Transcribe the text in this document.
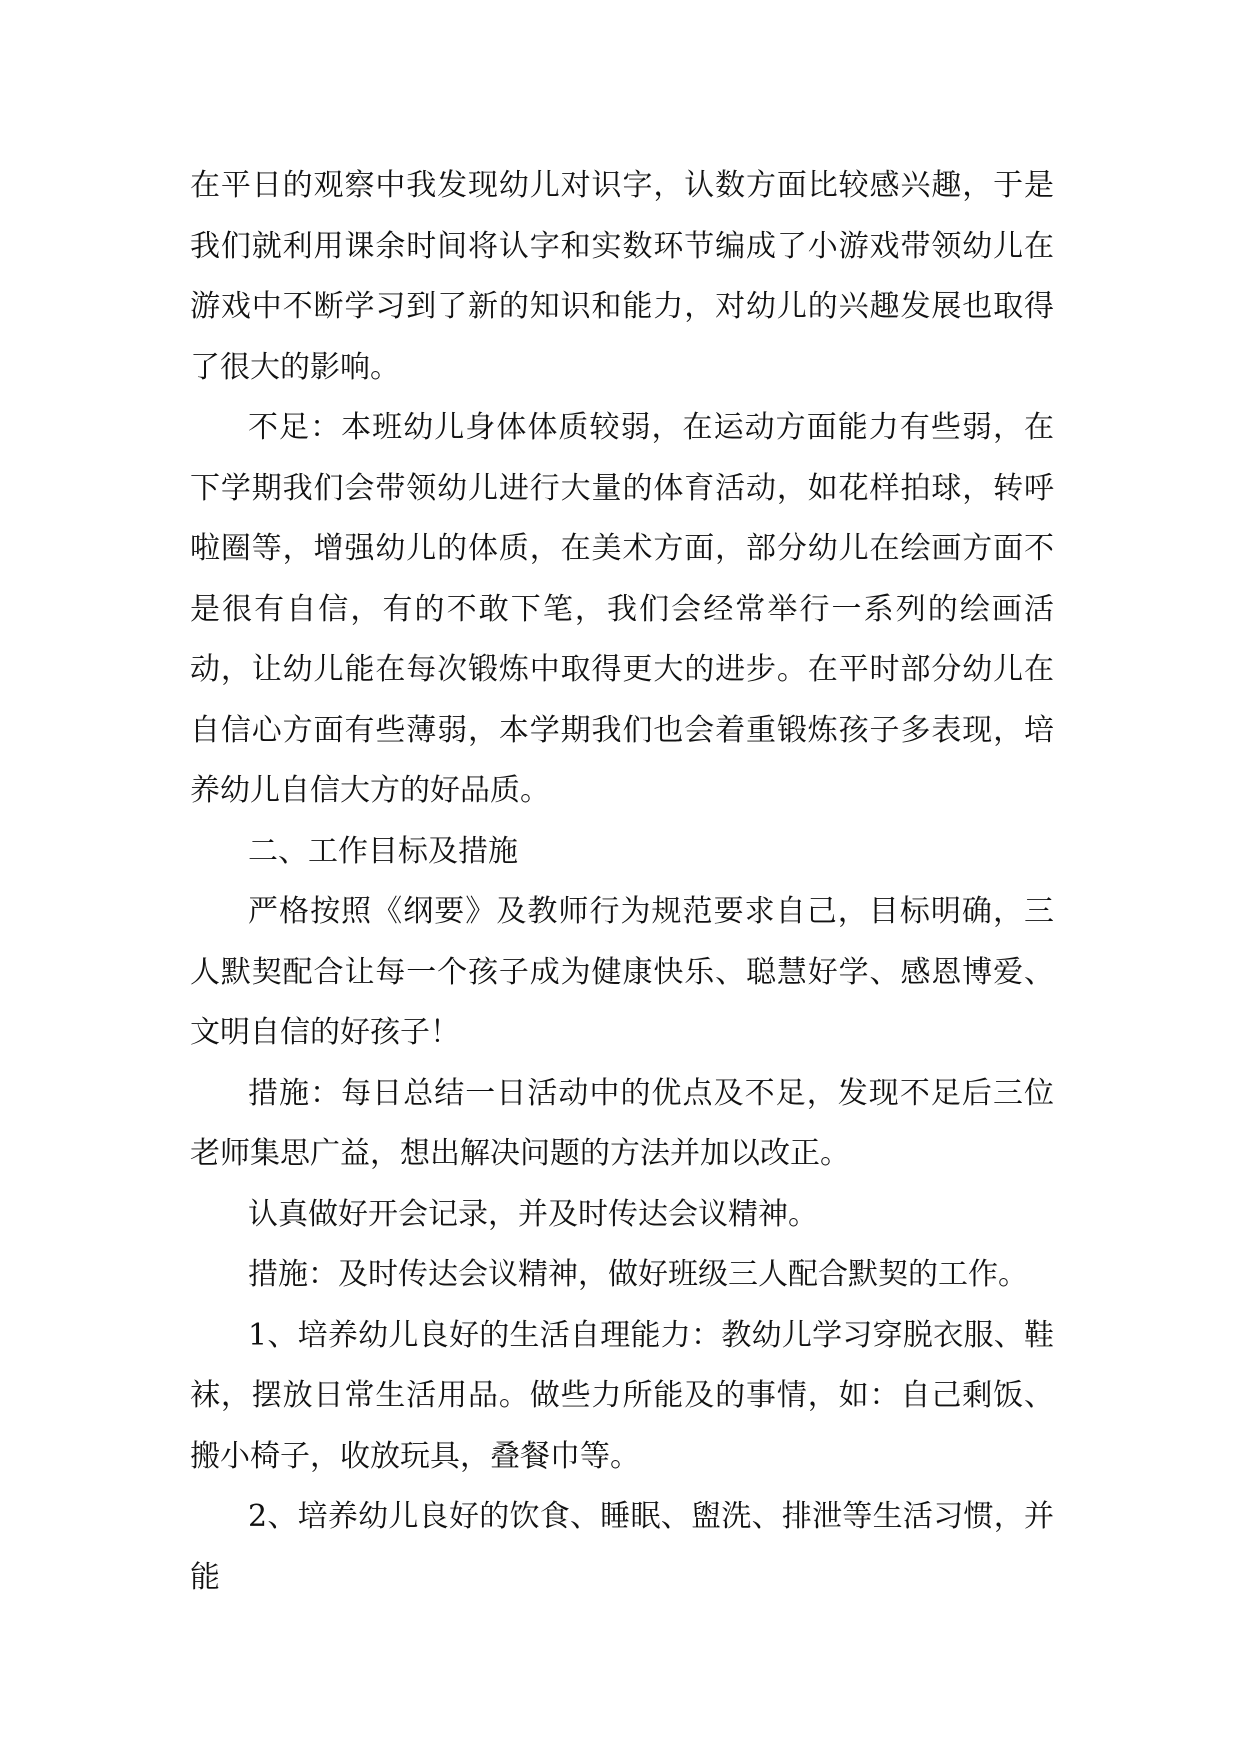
在平日的观察中我发现幼儿对识字，认数方面比较感兴趣，于是我们就利用课余时间将认字和实数环节编成了小游戏带领幼儿在游戏中不断学习到了新的知识和能力，对幼儿的兴趣发展也取得了很大的影响。

不足：本班幼儿身体体质较弱，在运动方面能力有些弱，在下学期我们会带领幼儿进行大量的体育活动，如花样拍球，转呼啦圈等，增强幼儿的体质，在美术方面，部分幼儿在绘画方面不是很有自信，有的不敢下笔，我们会经常举行一系列的绘画活动，让幼儿能在每次锻炼中取得更大的进步。在平时部分幼儿在自信心方面有些薄弱，本学期我们也会着重锻炼孩子多表现，培养幼儿自信大方的好品质。

二、工作目标及措施

严格按照《纲要》及教师行为规范要求自己，目标明确，三人默契配合让每一个孩子成为健康快乐、聪慧好学、感恩博爱、文明自信的好孩子！

措施：每日总结一日活动中的优点及不足，发现不足后三位老师集思广益，想出解决问题的方法并加以改正。

认真做好开会记录，并及时传达会议精神。

措施：及时传达会议精神，做好班级三人配合默契的工作。

1、培养幼儿良好的生活自理能力：教幼儿学习穿脱衣服、鞋袜，摆放日常生活用品。做些力所能及的事情，如：自己剩饭、搬小椅子，收放玩具，叠餐巾等。

2、培养幼儿良好的饮食、睡眠、盥洗、排泄等生活习惯，并能
